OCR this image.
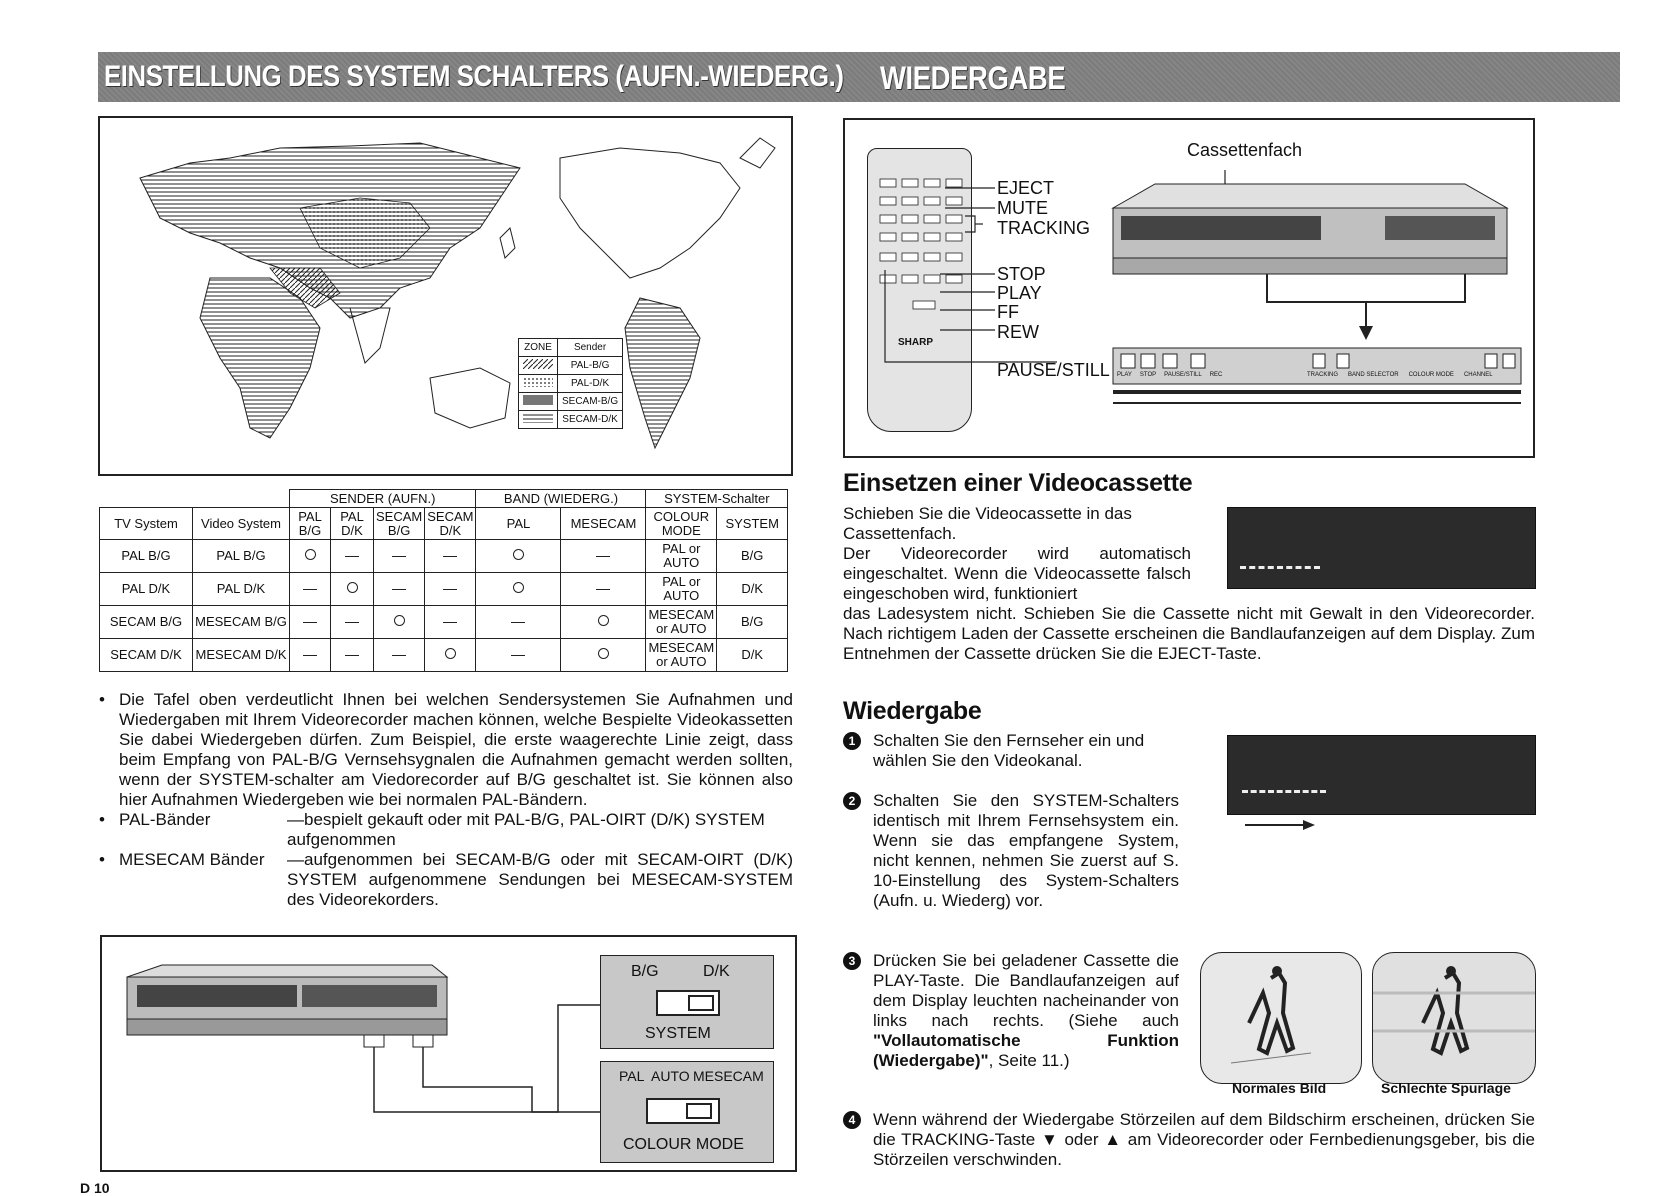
EINSTELLUNG DES SYSTEM SCHALTERS (AUFN.-WIEDERG.) WIEDERGABE
ZONE	Sender
	PAL-B/G
	PAL-D/K
	SECAM-B/G
	SECAM-D/K
		SENDER (AUFN.)				BAND (WIEDERG.)		SYSTEM-Schalter	
TV System	Video System	PAL B/G	PAL D/K	SECAM B/G	SECAM D/K	PAL	MESECAM	COLOUR MODE	SYSTEM
PAL B/G	PAL B/G							PAL or AUTO	B/G
PAL D/K	PAL D/K							PAL or AUTO	D/K
SECAM B/G	MESECAM B/G							MESECAM or AUTO	B/G
SECAM D/K	MESECAM D/K							MESECAM or AUTO	D/K
• Die Tafel oben verdeutlicht Ihnen bei welchen Sendersystemen Sie Aufnahmen und Wiedergaben mit Ihrem Videorecorder machen können, welche Bespielte Videokassetten Sie dabei Wiedergeben dürfen. Zum Beispiel, die erste waagerechte Linie zeigt, dass beim Empfang von PAL-B/G Vernsehsygnalen die Aufnahmen gemacht werden sollten, wenn der SYSTEM-schalter am Viedorecorder auf B/G geschaltet ist. Sie können also hier Aufnahmen Wiedergeben wie bei normalen PAL-Bändern.
• PAL-Bänder	—bespielt gekauft oder mit PAL-B/G, PAL-OIRT (D/K) SYSTEM aufgenommen
• MESECAM Bänder	—aufgenommen bei SECAM-B/G oder mit SECAM-OIRT (D/K) SYSTEM aufgenommene Sendungen bei MESECAM-SYSTEM des Videorekorders.
B/G	D/K
SYSTEM
PAL AUTO MESECAM
COLOUR MODE
SHARP
EJECT
MUTE
TRACKING
STOP
PLAY
FF
REW
PAUSE/STILL
Cassettenfach
PLAY STOP PAUSE/STILL REC	TRACKING BAND SELECTOR COLOUR MODE CHANNEL
Einsetzen einer Videocassette
Schieben Sie die Videocassette in das Cassettenfach.
Der Videorecorder wird automatisch eingeschaltet. Wenn die Videocassette falsch eingeschoben wird, funktioniert
das Ladesystem nicht. Schieben Sie die Cassette nicht mit Gewalt in den Videorecorder. Nach richtigem Laden der Cassette erscheinen die Bandlaufanzeigen auf dem Display. Zum Entnehmen der Cassette drücken Sie die EJECT-Taste.
Wiedergabe
1	Schalten Sie den Fernseher ein und wählen Sie den Videokanal.
2	Schalten Sie den SYSTEM-Schalters identisch mit Ihrem Fernsehsystem ein. Wenn sie das empfangene System, nicht kennen, nehmen Sie zuerst auf S. 10-Einstellung des System-Schalters (Aufn. u. Wiederg) vor.
3	Drücken Sie bei geladener Cassette die PLAY-Taste. Die Bandlaufanzeigen auf dem Display leuchten nacheinander von links nach rechts. (Siehe auch "Vollautomatische Funktion (Wiedergabe)", Seite 11.)
Normales Bild	Schlechte Spurlage
4	Wenn während der Wiedergabe Störzeilen auf dem Bildschirm erscheinen, drücken Sie die TRACKING-Taste ▼ oder ▲ am Videorecorder oder Fernbedienungsgeber, bis die Störzeilen verschwinden.
D 10
